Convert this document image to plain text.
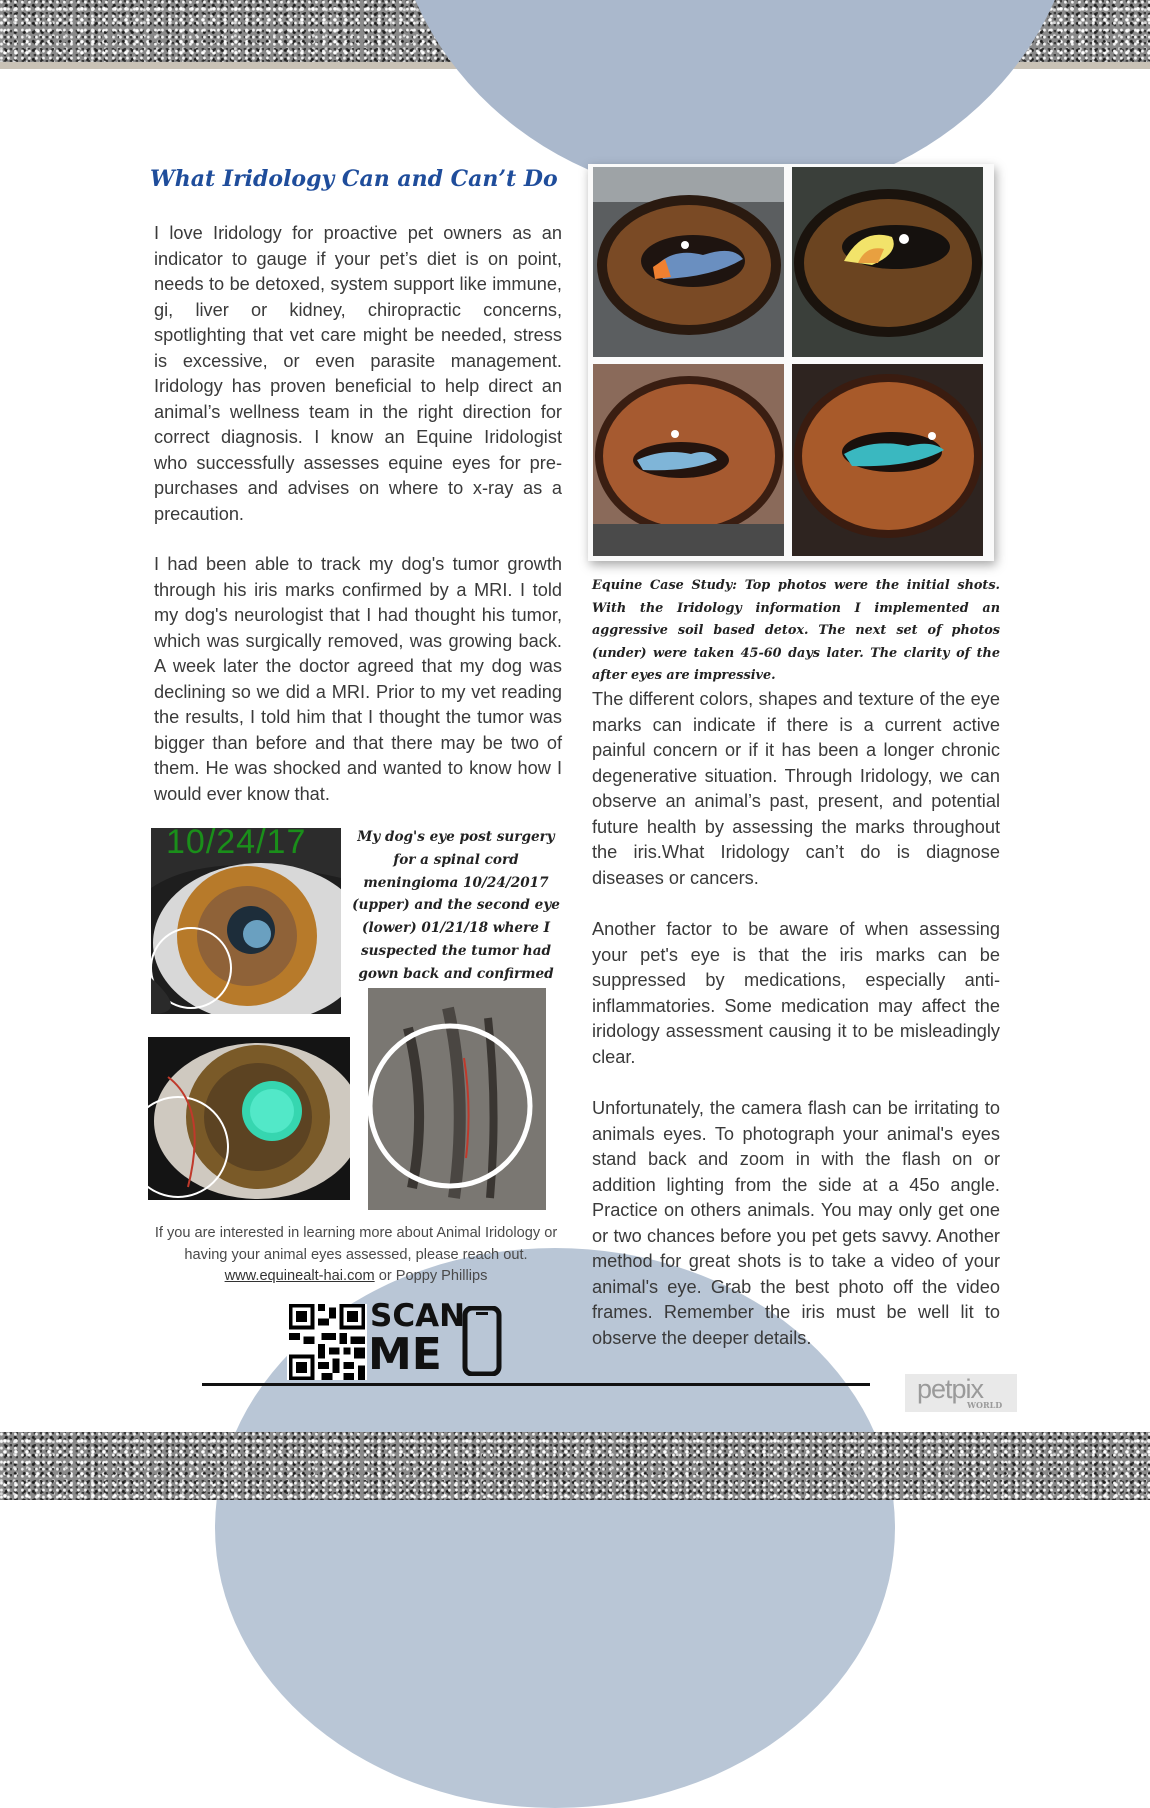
What Iridology Can and Can’t Do

I love Iridology for proactive pet owners as an indicator to gauge if your pet’s diet is on point, needs to be detoxed, system support like immune, gi, liver or kidney, chiropractic concerns, spotlighting that vet care might be needed, stress is excessive, or even parasite management. Iridology has proven beneficial to help direct an animal’s wellness team in the right direction for correct diagnosis. I know an Equine Iridologist who successfully assesses equine eyes for pre-purchases and advises on where to x-ray as a precaution.

I had been able to track my dog's tumor growth through his iris marks confirmed by a MRI. I told my dog's neurologist that I had thought his tumor, which was surgically removed, was growing back. A week later the doctor agreed that my dog was declining so we did a MRI. Prior to my vet reading the results, I told him that I thought the tumor was bigger than before and that there may be two of them. He was shocked and wanted to know how I would ever know that.

Equine Case Study: Top photos were the initial shots. With the Iridology information I implemented an aggressive soil based detox. The next set of photos (under) were taken 45-60 days later. The clarity of the after eyes are impressive.

The different colors, shapes and texture of the eye marks can indicate if there is a current active painful concern or if it has been a longer chronic degenerative situation. Through Iridology, we can observe an animal’s past, present, and potential future health by assessing the marks throughout the iris.What Iridology can’t do is diagnose diseases or cancers.

Another factor to be aware of when assessing your pet's eye is that the iris marks can be suppressed by medications, especially anti-inflammatories. Some medication may affect the iridology assessment causing it to be misleadingly clear.

Unfortunately, the camera flash can be irritating to animals eyes. To photograph your animal's eyes stand back and zoom in with the flash on or addition lighting from the side at a 45o angle. Practice on others animals. You may only get one or two chances before you pet gets savvy. Another method for great shots is to take a video of your animal's eye. Grab the best photo off the video frames. Remember the iris must be well lit to observe the deeper details.

10/24/17	My dog's eye post surgery for a spinal cord meningioma 10/24/2017 (upper) and the second eye (lower) 01/21/18 where I suspected the tumor had gown back and confirmed

If you are interested in learning more about Animal Iridology or having your animal eyes assessed, please reach out.
www.equinealt-hai.com or Poppy Phillips

SCAN

ME

petpix

WORLD
